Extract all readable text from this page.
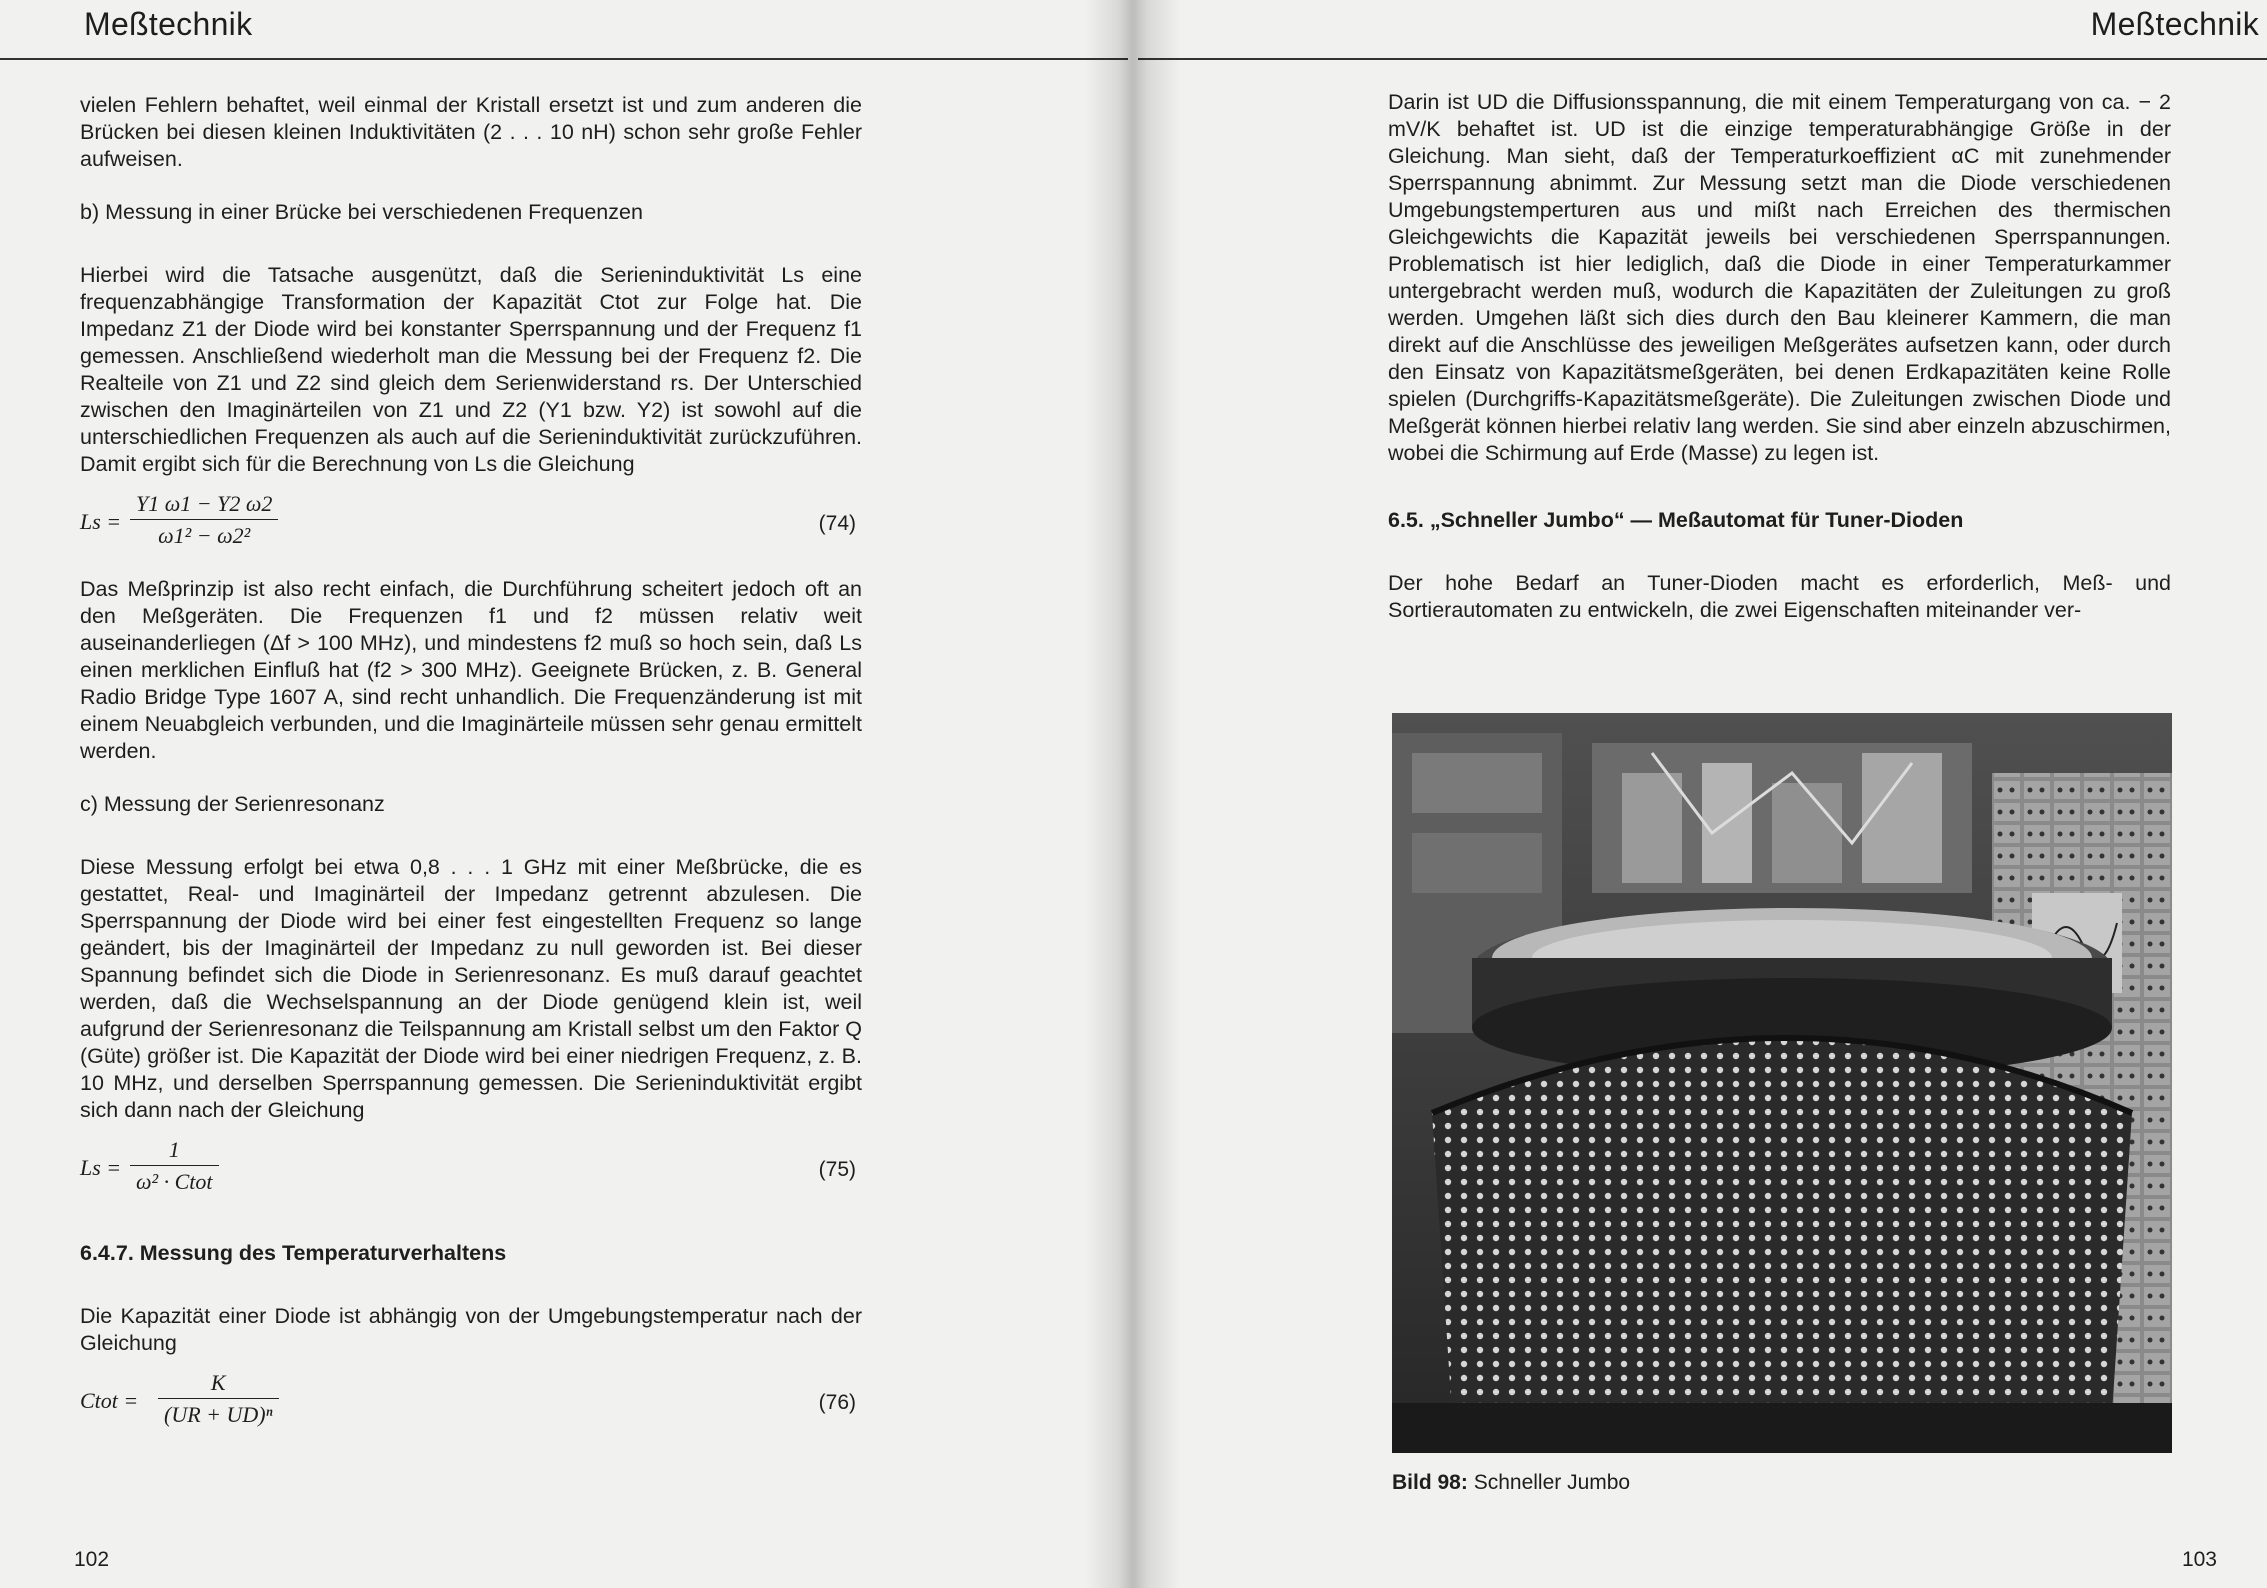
Meßtechnik

vielen Fehlern behaftet, weil einmal der Kristall ersetzt ist und zum anderen die Brücken bei diesen kleinen Induktivitäten (2 . . . 10 nH) schon sehr große Fehler aufweisen.

b) Messung in einer Brücke bei verschiedenen Frequenzen

Hierbei wird die Tatsache ausgenützt, daß die Serieninduktivität Ls eine frequenzabhängige Transformation der Kapazität Ctot zur Folge hat. Die Impedanz Z1 der Diode wird bei konstanter Sperrspannung und der Frequenz f1 gemessen. Anschließend wiederholt man die Messung bei der Frequenz f2. Die Realteile von Z1 und Z2 sind gleich dem Serienwiderstand rs. Der Unterschied zwischen den Imaginärteilen von Z1 und Z2 (Y1 bzw. Y2) ist sowohl auf die unterschiedlichen Frequenzen als auch auf die Serieninduktivität zurückzuführen. Damit ergibt sich für die Berechnung von Ls die Gleichung

Ls =
Y1 ω1 − Y2 ω2
ω1² − ω2²	(74)

Das Meßprinzip ist also recht einfach, die Durchführung scheitert jedoch oft an den Meßgeräten. Die Frequenzen f1 und f2 müssen relativ weit auseinanderliegen (Δf > 100 MHz), und mindestens f2 muß so hoch sein, daß Ls einen merklichen Einfluß hat (f2 > 300 MHz). Geeignete Brücken, z. B. General Radio Bridge Type 1607 A, sind recht unhandlich. Die Frequenzänderung ist mit einem Neuabgleich verbunden, und die Imaginärteile müssen sehr genau ermittelt werden.

c) Messung der Serienresonanz

Diese Messung erfolgt bei etwa 0,8 . . . 1 GHz mit einer Meßbrücke, die es gestattet, Real- und Imaginärteil der Impedanz getrennt abzulesen. Die Sperrspannung der Diode wird bei einer fest eingestellten Frequenz so lange geändert, bis der Imaginärteil der Impedanz zu null geworden ist. Bei dieser Spannung befindet sich die Diode in Serienresonanz. Es muß darauf geachtet werden, daß die Wechselspannung an der Diode genügend klein ist, weil aufgrund der Serienresonanz die Teilspannung am Kristall selbst um den Faktor Q (Güte) größer ist. Die Kapazität der Diode wird bei einer niedrigen Frequenz, z. B. 10 MHz, und derselben Sperrspannung gemessen. Die Serieninduktivität ergibt sich dann nach der Gleichung

Ls =
1
ω² · Ctot	(75)

6.4.7. Messung des Temperaturverhaltens

Die Kapazität einer Diode ist abhängig von der Umgebungstemperatur nach der Gleichung

Ctot =
K
(UR + UD)ⁿ	(76)
102
Meßtechnik

Darin ist UD die Diffusionsspannung, die mit einem Temperaturgang von ca. − 2 mV/K behaftet ist. UD ist die einzige temperaturabhängige Größe in der Gleichung. Man sieht, daß der Temperaturkoeffizient αC mit zunehmender Sperrspannung abnimmt. Zur Messung setzt man die Diode verschiedenen Umgebungstemperturen aus und mißt nach Erreichen des thermischen Gleichgewichts die Kapazität jeweils bei verschiedenen Sperrspannungen. Problematisch ist hier lediglich, daß die Diode in einer Temperaturkammer untergebracht werden muß, wodurch die Kapazitäten der Zuleitungen zu groß werden. Umgehen läßt sich dies durch den Bau kleinerer Kammern, die man direkt auf die Anschlüsse des jeweiligen Meßgerätes aufsetzen kann, oder durch den Einsatz von Kapazitätsmeßgeräten, bei denen Erdkapazitäten keine Rolle spielen (Durchgriffs-Kapazitätsmeßgeräte). Die Zuleitungen zwischen Diode und Meßgerät können hierbei relativ lang werden. Sie sind aber einzeln abzuschirmen, wobei die Schirmung auf Erde (Masse) zu legen ist.

6.5. „Schneller Jumbo“ — Meßautomat für Tuner-Dioden

Der hohe Bedarf an Tuner-Dioden macht es erforderlich, Meß- und Sortierautomaten zu entwickeln, die zwei Eigenschaften miteinander ver-

Bild 98: Schneller Jumbo
103
